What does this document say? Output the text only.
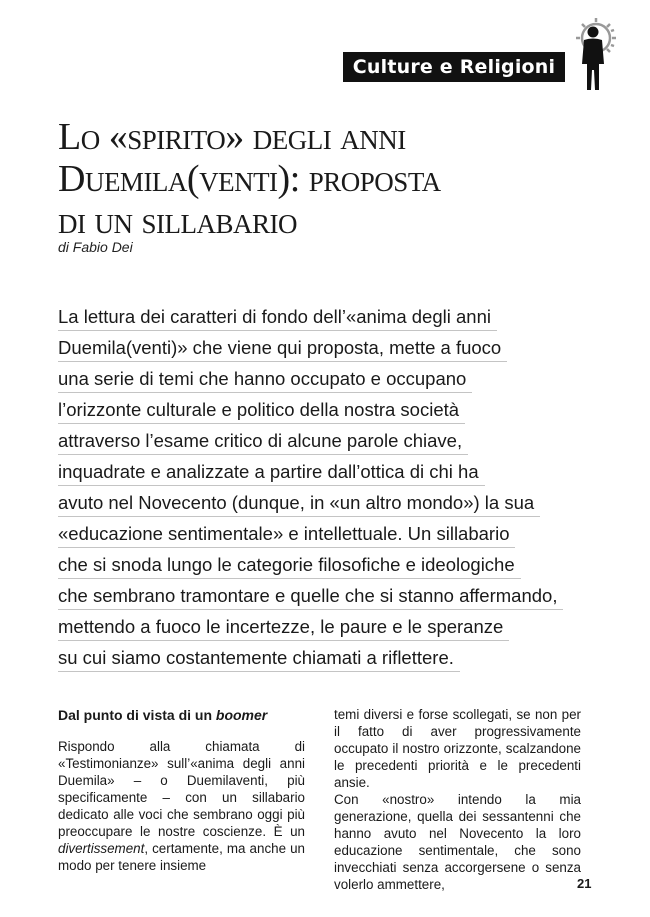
Culture e Religioni
Lo «spirito» degli anni
Duemila(venti): proposta
di un sillabario
di Fabio Dei
La lettura dei caratteri di fondo dell’«anima degli anni
Duemila(venti)» che viene qui proposta, mette a fuoco
una serie di temi che hanno occupato e occupano
l’orizzonte culturale e politico della nostra società
attraverso l’esame critico di alcune parole chiave,
inquadrate e analizzate a partire dall’ottica di chi ha
avuto nel Novecento (dunque, in «un altro mondo») la sua
«educazione sentimentale» e intellettuale. Un sillabario
che si snoda lungo le categorie filosofiche e ideologiche
che sembrano tramontare e quelle che si stanno affermando,
mettendo a fuoco le incertezze, le paure e le speranze
su cui siamo costantemente chiamati a riflettere.
Dal punto di vista di un boomer

Rispondo alla chiamata di «Testimonianze» sull’«anima degli anni Duemila» – o Duemilaventi, più specificamente – con un sillabario dedicato alle voci che sembrano oggi più preoccupare le nostre coscienze. È un divertissement, certamente, ma anche un modo per tenere insieme

temi diversi e forse scollegati, se non per il fatto di aver progressivamente occupato il nostro orizzonte, scalzandone le precedenti priorità e le precedenti ansie.

Con «nostro» intendo la mia generazione, quella dei sessantenni che hanno avuto nel Novecento la loro educazione sentimentale, che sono invecchiati senza accorgersene o senza volerlo ammettere,	21
